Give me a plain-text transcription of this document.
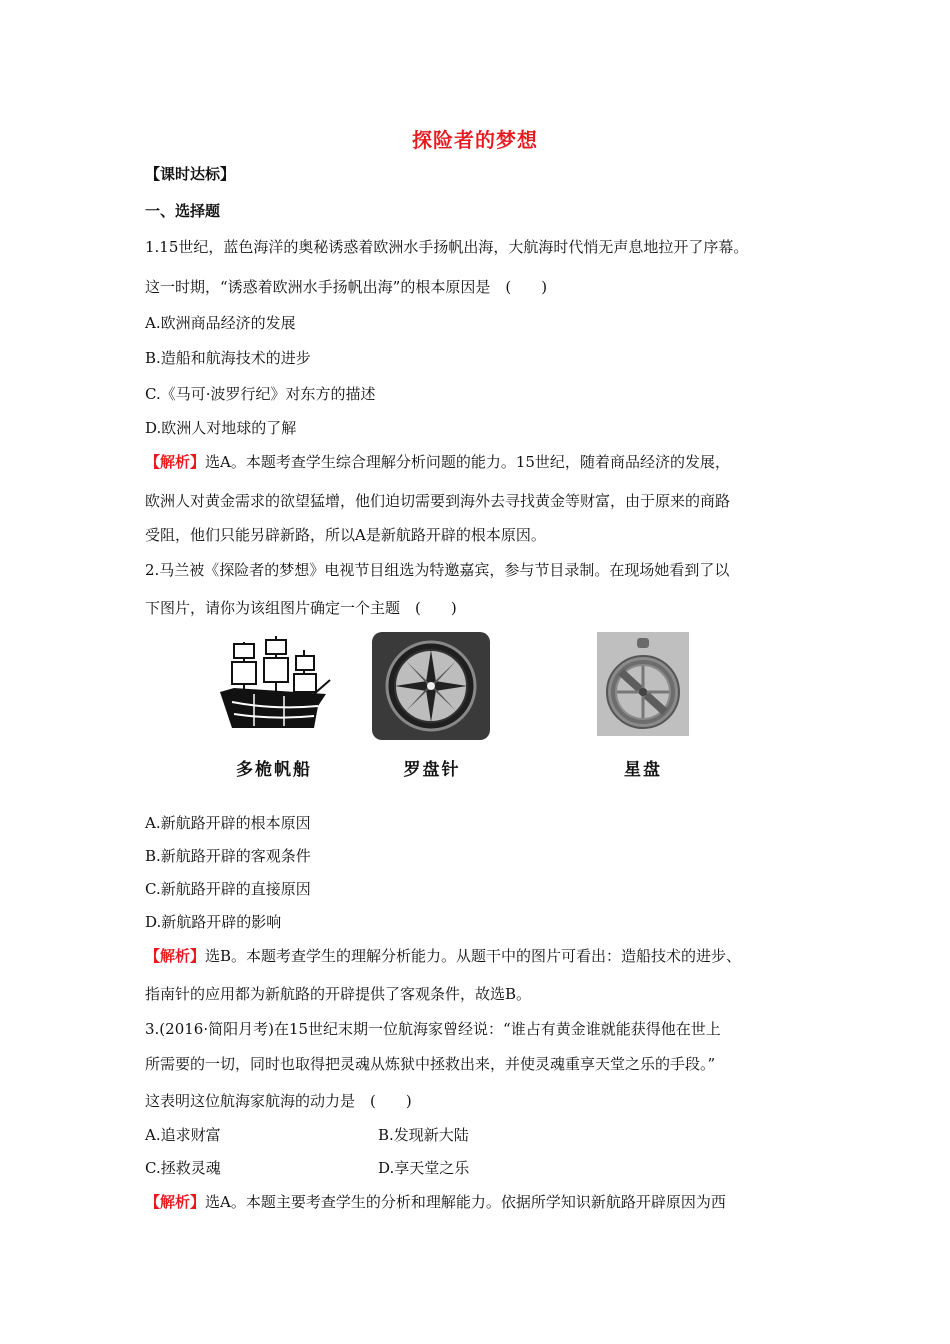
探险者的梦想
【课时达标】
一、选择题
1.15世纪，蓝色海洋的奥秘诱惑着欧洲水手扬帆出海，大航海时代悄无声息地拉开了序幕。
这一时期，“诱惑着欧洲水手扬帆出海”的根本原因是　(　　)
A.欧洲商品经济的发展
B.造船和航海技术的进步
C.《马可·波罗行纪》对东方的描述
D.欧洲人对地球的了解
【解析】选A。本题考查学生综合理解分析问题的能力。15世纪，随着商品经济的发展，
欧洲人对黄金需求的欲望猛增，他们迫切需要到海外去寻找黄金等财富，由于原来的商路
受阻，他们只能另辟新路，所以A是新航路开辟的根本原因。
2.马兰被《探险者的梦想》电视节目组选为特邀嘉宾，参与节目录制。在现场她看到了以
下图片，请你为该组图片确定一个主题　(　　)
多桅帆船	罗盘针	星盘
A.新航路开辟的根本原因
B.新航路开辟的客观条件
C.新航路开辟的直接原因
D.新航路开辟的影响
【解析】选B。本题考查学生的理解分析能力。从题干中的图片可看出：造船技术的进步、
指南针的应用都为新航路的开辟提供了客观条件，故选B。
3.(2016·简阳月考)在15世纪末期一位航海家曾经说：“谁占有黄金谁就能获得他在世上
所需要的一切，同时也取得把灵魂从炼狱中拯救出来，并使灵魂重享天堂之乐的手段。”
这表明这位航海家航海的动力是　(　　)
A.追求财富	B.发现新大陆
C.拯救灵魂	D.享天堂之乐
【解析】选A。本题主要考查学生的分析和理解能力。依据所学知识新航路开辟原因为西
